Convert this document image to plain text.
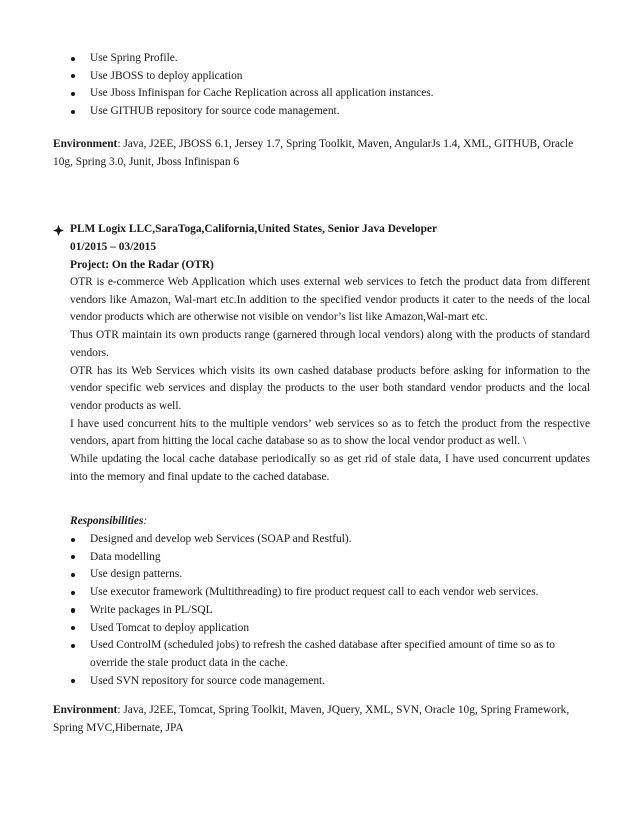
Use Spring Profile.
Use JBOSS to deploy application
Use Jboss Infinispan for Cache Replication across all application instances.
Use GITHUB repository for source code management.
Environment: Java, J2EE, JBOSS 6.1, Jersey 1.7, Spring Toolkit, Maven, AngularJs 1.4, XML, GITHUB, Oracle 10g, Spring 3.0, Junit, Jboss Infinispan 6
PLM Logix LLC,SaraToga,California,United States, Senior Java Developer
01/2015 – 03/2015
Project: On the Radar (OTR)

OTR is e-commerce Web Application which uses external web services to fetch the product data from different vendors like Amazon, Wal-mart etc.In addition to the specified vendor products it cater to the needs of the local vendor products which are otherwise not visible on vendor’s list like Amazon,Wal-mart etc.

Thus OTR maintain its own products range (garnered through local vendors) along with the products of standard vendors.

OTR has its Web Services which visits its own cashed database products before asking for information to the vendor specific web services and display the products to the user both standard vendor products and the local vendor products as well.

I have used concurrent hits to the multiple vendors’ web services so as to fetch the product from the respective vendors, apart from hitting the local cache database so as to show the local vendor product as well. \

While updating the local cache database periodically so as get rid of stale data, I have used concurrent updates into the memory and final update to the cached database.

Responsibilities:
Designed and develop web Services (SOAP and Restful).
Data modelling
Use design patterns.
Use executor framework (Multithreading) to fire product request call to each vendor web services.
Write packages in PL/SQL
Used Tomcat to deploy application
Used ControlM (scheduled jobs) to refresh the cashed database after specified amount of time so as to override the stale product data in the cache.
Used SVN repository for source code management.
Environment: Java, J2EE, Tomcat, Spring Toolkit, Maven, JQuery, XML, SVN, Oracle 10g, Spring Framework, Spring MVC,Hibernate, JPA
